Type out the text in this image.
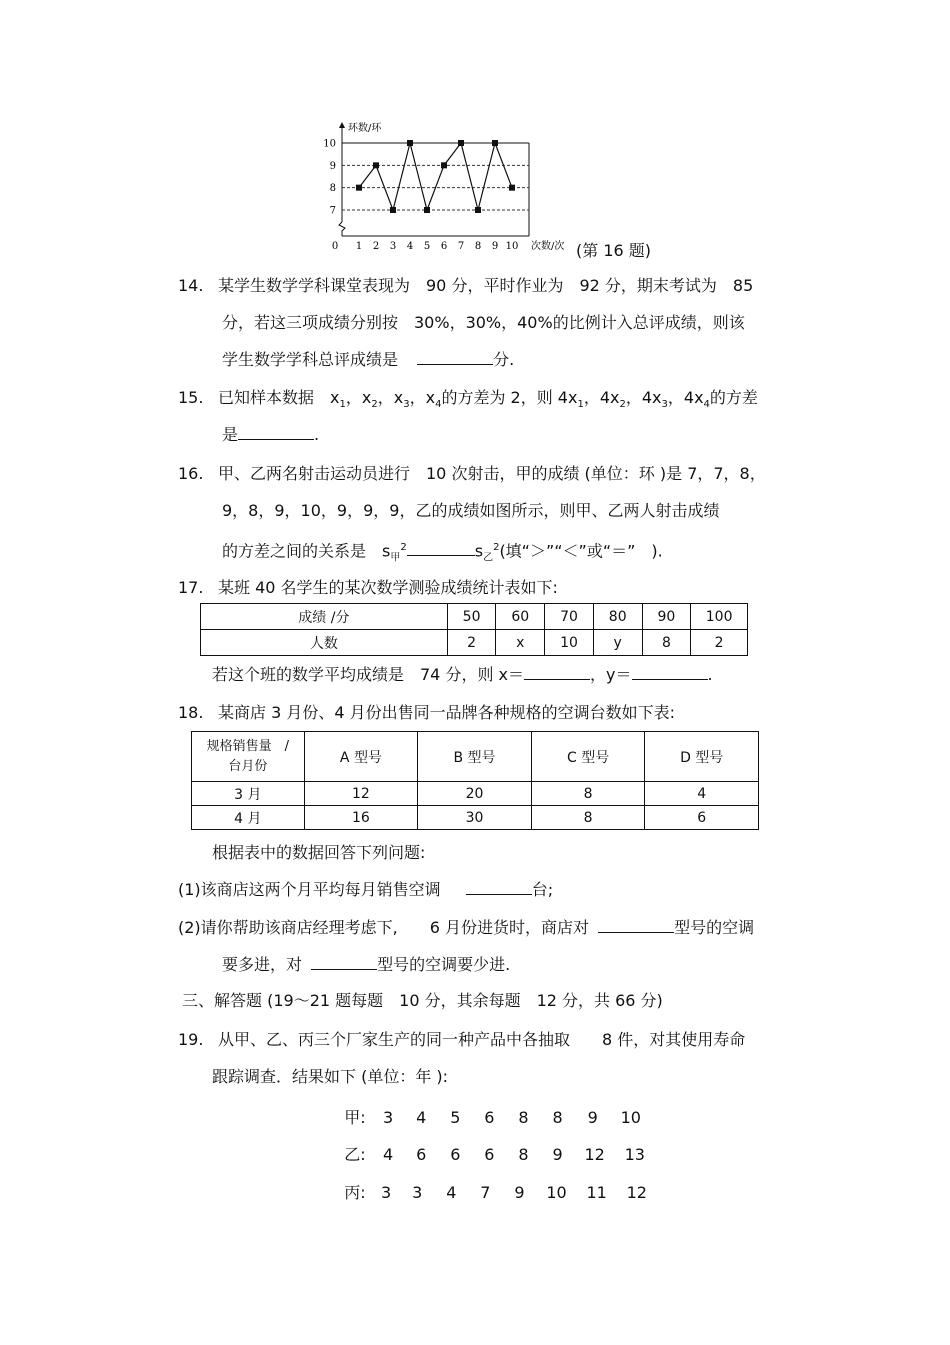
7
8
9
10
0 1 2 3 4 5 6 7 8 9 10
环数/环
次数/次 (第 16 题)
14. 某学生数学学科课堂表现为　90 分，平时作业为　92 分，期末考试为　85
分，若这三项成绩分别按　30%，30%，40%的比例计入总评成绩，则该
学生数学学科总评成绩是	分.
15. 已知样本数据　$x_1$，$x_2$，$x_3$，$x_4$的方差为 2，则 $4x_1$，$4x_2$，$4x_3$，$4x_4$的方差
是	.
16. 甲、乙两名射击运动员进行　10 次射击，甲的成绩 (单位：环 )是 7，7，8，
9，8，9，10，9，9，9，乙的成绩如图所示，则甲、乙两人射击成绩
的方差之间的关系是　$s_甲^2$	$s_乙^2$(填“＞”“＜”或“＝”　).
17. 某班 40 名学生的某次数学测验成绩统计表如下:
成绩 /分	50	60	70	80	90	100
人数	2	x	10	y	8	2
若这个班的数学平均成绩是　74 分，则 x＝	，y＝	.
18. 某商店 3 月份、4 月份出售同一品牌各种规格的空调台数如下表:
规格销售量　/
台月份	A 型号	B 型号	C 型号	D 型号
3 月	12	20	8	4
4 月	16	30	8	6
根据表中的数据回答下列问题:
(1)该商店这两个月平均每月销售空调	台;
(2)请你帮助该商店经理考虑下,　　6 月份进货时，商店对	型号的空调
要多进，对	型号的空调要少进.
三、解答题 (19～21 题每题　10 分，其余每题　12 分，共 66 分)
19. 从甲、乙、丙三个厂家生产的同一种产品中各抽取　　8 件，对其使用寿命
跟踪调查．结果如下 (单位：年 ):
甲: 3 4 5 6 8 8 9 10
乙: 4 6 6 6 8 9 12 13
丙: 3 3 4 7 9 10 11 12
